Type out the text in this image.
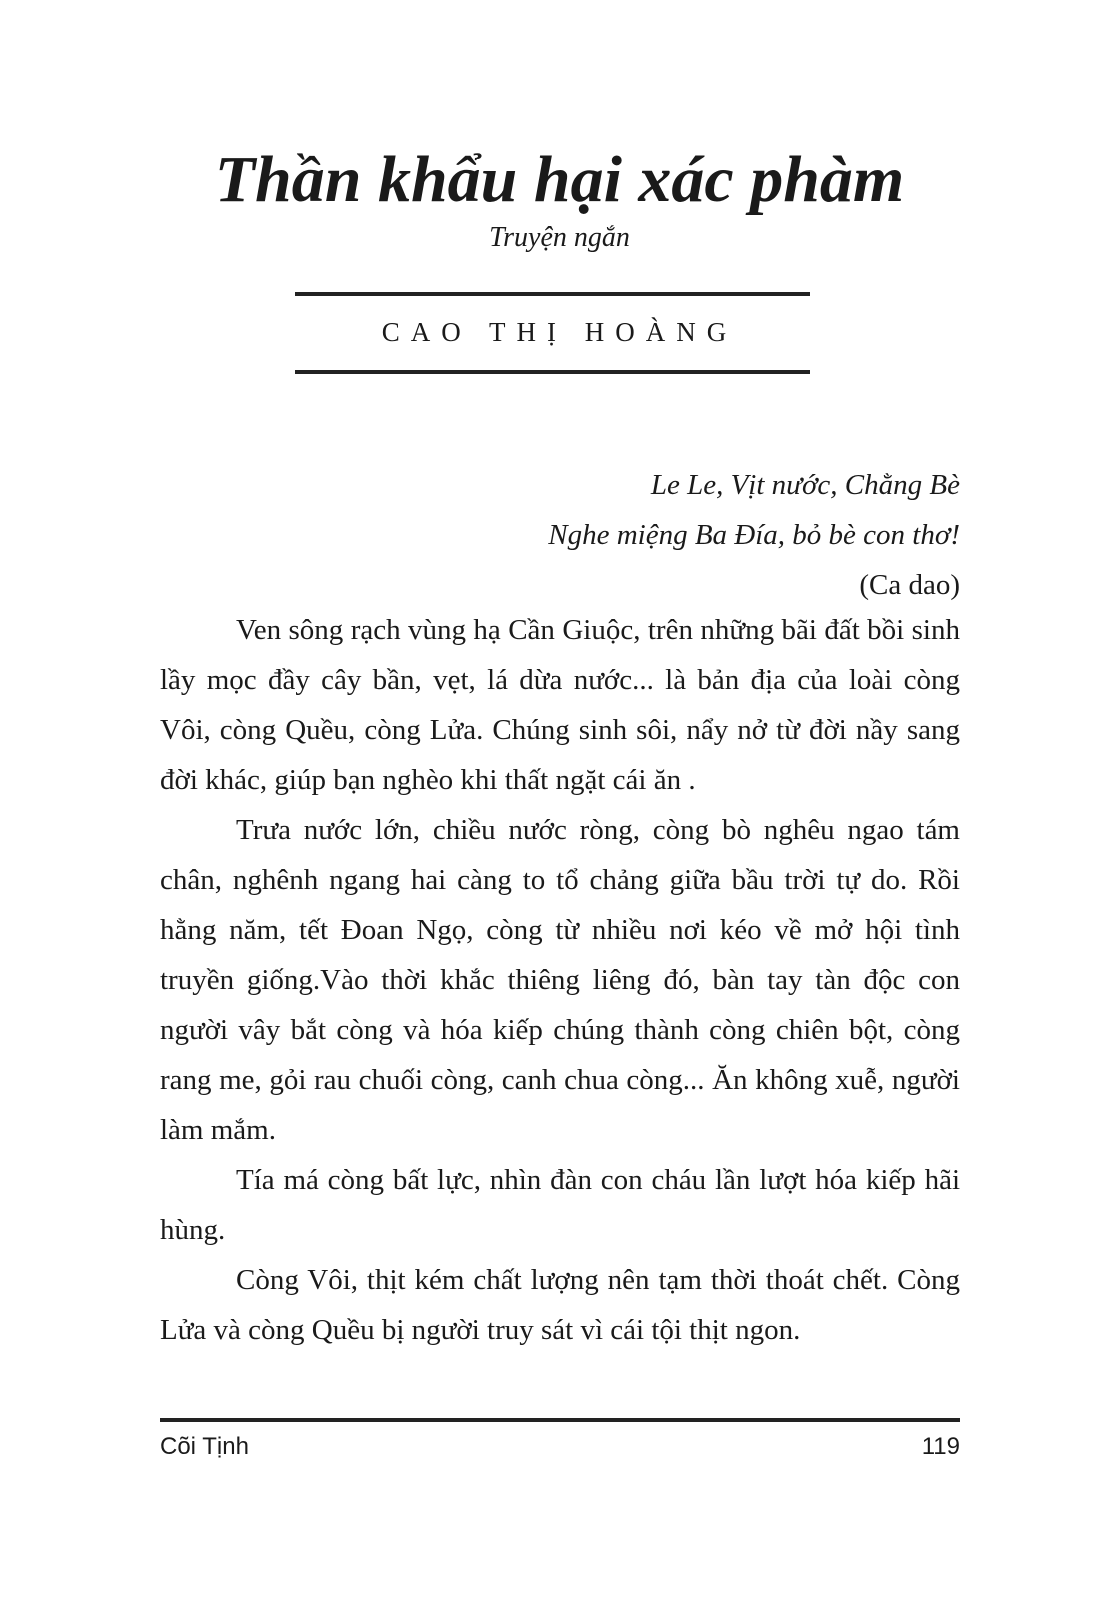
Thần khẩu hại xác phàm
Truyện ngắn
CAO THỊ HOÀNG
Le Le, Vịt nước, Chằng Bè
Nghe miệng Ba Đía, bỏ bè con thơ!
(Ca dao)

Ven sông rạch vùng hạ Cần Giuộc, trên những bãi đất bồi sinh lầy mọc đầy cây bần, vẹt, lá dừa nước... là bản địa của loài còng Vôi, còng Quều, còng Lửa. Chúng sinh sôi, nẩy nở từ đời nầy sang đời khác, giúp bạn nghèo khi thất ngặt cái ăn .

Trưa nước lớn, chiều nước ròng, còng bò nghêu ngao tám chân, nghênh ngang hai càng to tổ chảng giữa bầu trời tự do. Rồi hằng năm, tết Đoan Ngọ, còng từ nhiều nơi kéo về mở hội tình truyền giống.Vào thời khắc thiêng liêng đó, bàn tay tàn độc con người vây bắt còng và hóa kiếp chúng thành còng chiên bột, còng rang me, gỏi rau chuối còng, canh chua còng... Ăn không xuễ, người làm mắm.

Tía má còng bất lực, nhìn đàn con cháu lần lượt hóa kiếp hãi hùng.

Còng Vôi, thịt kém chất lượng nên tạm thời thoát chết. Còng Lửa và còng Quều bị người truy sát vì cái tội thịt ngon.

Cõi Tịnh	119
